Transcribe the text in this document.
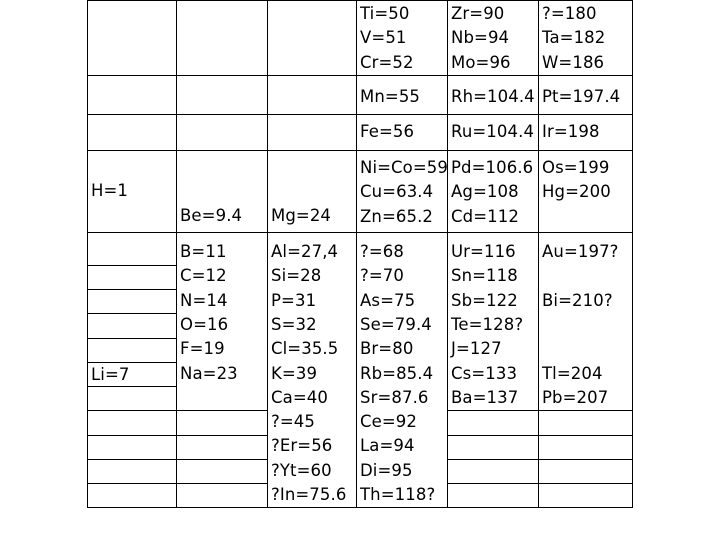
Ti=50
V=51
Cr=52
Zr=90
Nb=94
Mo=96
?=180
Ta=182
W=186
Mn=55 Rh=104.4 Pt=197.4
Fe=56 Ru=104.4 Ir=198
Ni=Co=59
Cu=63.4
Zn=65.2
Pd=106.6
Ag=108
Cd=112
Os=199
Hg=200
H=1
Be=9.4 Mg=24
B=11
C=12
N=14
O=16
F=19
Na=23
Al=27,4
Si=28
P=31
S=32
Cl=35.5
K=39
Ca=40
?=45
?Er=56
?Yt=60
?In=75.6
?=68
?=70
As=75
Se=79.4
Br=80
Rb=85.4
Sr=87.6
Ce=92
La=94
Di=95
Th=118?
Ur=116
Sn=118
Sb=122
Te=128?
J=127
Cs=133
Ba=137
Au=197?
Bi=210?
Tl=204
Pb=207
Li=7
